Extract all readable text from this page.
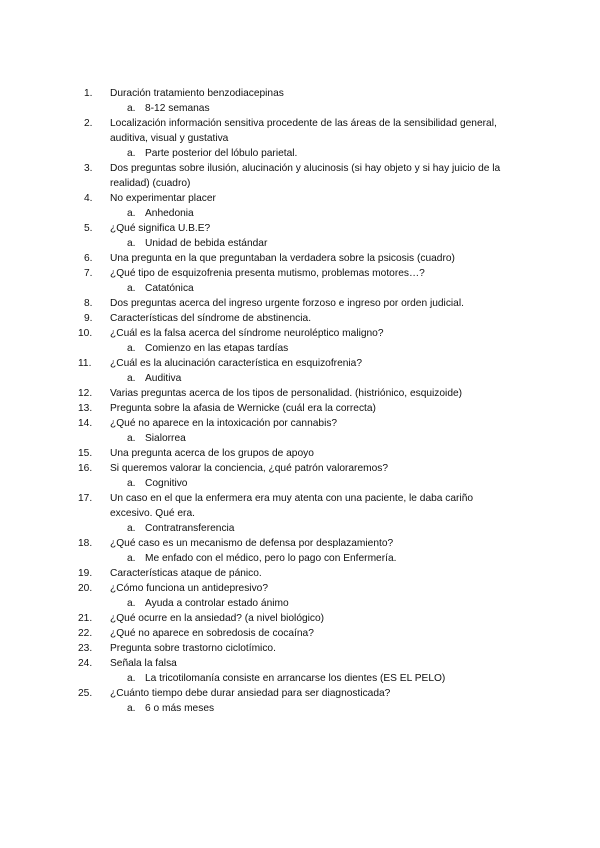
1.	Duración tratamiento benzodiacepinas
a. 8-12 semanas
2.	Localización información sensitiva procedente de las áreas de la sensibilidad general, auditiva, visual y gustativa
a. Parte posterior del lóbulo parietal.
3.	Dos preguntas sobre ilusión, alucinación y alucinosis (si hay objeto y si hay juicio de la realidad) (cuadro)
4.	No experimentar placer
a. Anhedonia
5.	¿Qué significa U.B.E?
a. Unidad de bebida estándar
6.	Una pregunta en la que preguntaban la verdadera sobre la psicosis (cuadro)
7.	¿Qué tipo de esquizofrenia presenta mutismo, problemas motores…?
a. Catatónica
8.	Dos preguntas acerca del ingreso urgente forzoso e ingreso por orden judicial.
9.	Características del síndrome de abstinencia.
10.	¿Cuál es la falsa acerca del síndrome neuroléptico maligno?
a. Comienzo en las etapas tardías
11.	¿Cuál es la alucinación característica en esquizofrenia?
a. Auditiva
12.	Varias preguntas acerca de los tipos de personalidad. (histriónico, esquizoide)
13.	Pregunta sobre la afasia de Wernicke (cuál era la correcta)
14.	¿Qué no aparece en la intoxicación por cannabis?
a. Sialorrea
15.	Una pregunta acerca de los grupos de apoyo
16.	Si queremos valorar la conciencia, ¿qué patrón valoraremos?
a. Cognitivo
17.	Un caso en el que la enfermera era muy atenta con una paciente, le daba cariño excesivo. Qué era.
a. Contratransferencia
18.	¿Qué caso es un mecanismo de defensa por desplazamiento?
a. Me enfado con el médico, pero lo pago con Enfermería.
19.	Características ataque de pánico.
20.	¿Cómo funciona un antidepresivo?
a. Ayuda a controlar estado ánimo
21.	¿Qué ocurre en la ansiedad? (a nivel biológico)
22.	¿Qué no aparece en sobredosis de cocaína?
23.	Pregunta sobre trastorno ciclotímico.
24.	Señala la falsa
a. La tricotilomanía consiste en arrancarse los dientes (ES EL PELO)
25.	¿Cuánto tiempo debe durar ansiedad para ser diagnosticada?
a. 6 o más meses
